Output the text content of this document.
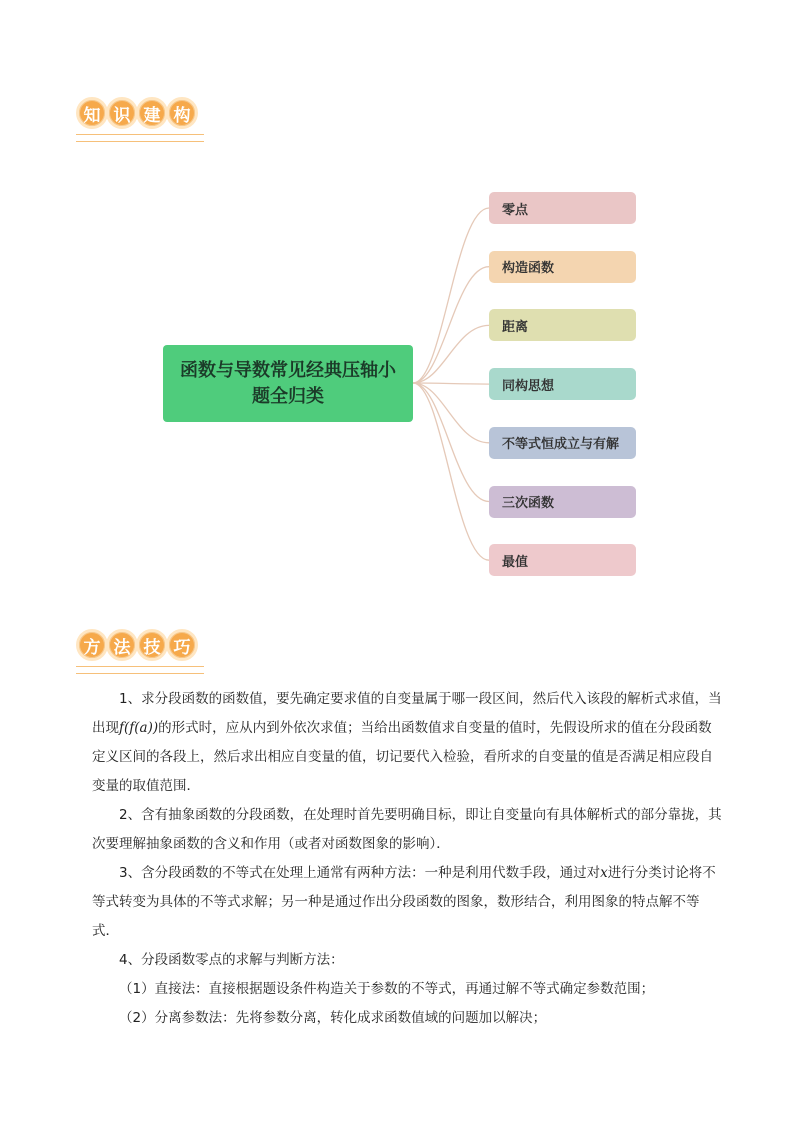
知 识 建 构
函数与导数常见经典压轴小题全归类
零点
构造函数
距离
同构思想
不等式恒成立与有解
三次函数
最值
方 法 技 巧

1、求分段函数的函数值，要先确定要求值的自变量属于哪一段区间，然后代入该段的解析式求值，当出现f(f(a))的形式时，应从内到外依次求值；当给出函数值求自变量的值时，先假设所求的值在分段函数定义区间的各段上，然后求出相应自变量的值，切记要代入检验，看所求的自变量的值是否满足相应段自变量的取值范围．

2、含有抽象函数的分段函数，在处理时首先要明确目标，即让自变量向有具体解析式的部分靠拢，其次要理解抽象函数的含义和作用（或者对函数图象的影响）．

3、含分段函数的不等式在处理上通常有两种方法：一种是利用代数手段，通过对x进行分类讨论将不等式转变为具体的不等式求解；另一种是通过作出分段函数的图象，数形结合，利用图象的特点解不等式．

4、分段函数零点的求解与判断方法：

（1）直接法：直接根据题设条件构造关于参数的不等式，再通过解不等式确定参数范围；

（2）分离参数法：先将参数分离，转化成求函数值域的问题加以解决；
